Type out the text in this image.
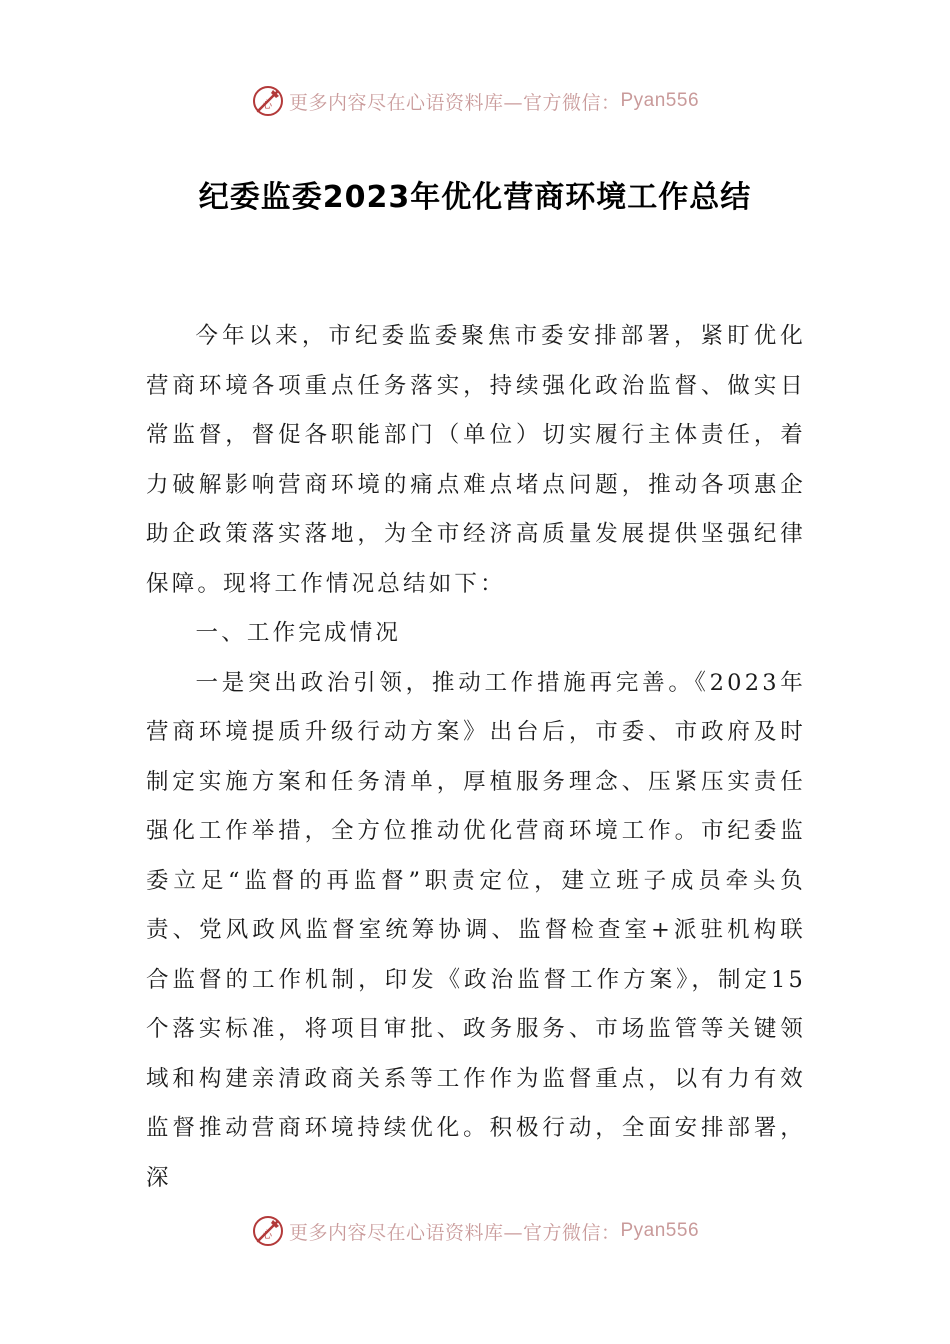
心 更多内容尽在心语资料库—官方微信： Pyan556
纪委监委2023年优化营商环境工作总结

今年以来，市纪委监委聚焦市委安排部署，紧盯优化营商环境各项重点任务落实，持续强化政治监督、做实日常监督，督促各职能部门（单位）切实履行主体责任，着力破解影响营商环境的痛点难点堵点问题，推动各项惠企助企政策落实落地，为全市经济高质量发展提供坚强纪律保障。现将工作情况总结如下：

一、工作完成情况

一是突出政治引领，推动工作措施再完善。《2023年营商环境提质升级行动方案》出台后，市委、市政府及时制定实施方案和任务清单，厚植服务理念、压紧压实责任强化工作举措，全方位推动优化营商环境工作。市纪委监委立足“监督的再监督”职责定位，建立班子成员牵头负责、党风政风监督室统筹协调、监督检查室+派驻机构联合监督的工作机制，印发《政治监督工作方案》，制定15个落实标准，将项目审批、政务服务、市场监管等关键领域和构建亲清政商关系等工作作为监督重点，以有力有效监督推动营商环境持续优化。积极行动，全面安排部署，深

心 更多内容尽在心语资料库—官方微信： Pyan556
